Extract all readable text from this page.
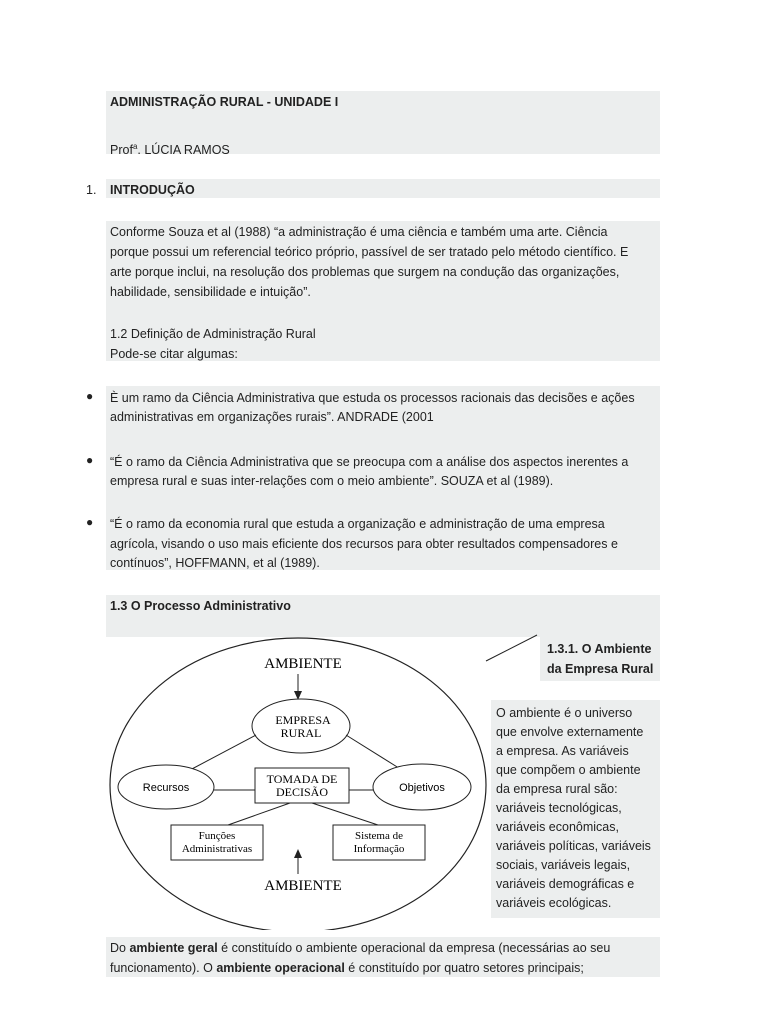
ADMINISTRAÇÃO RURAL - UNIDADE I
Prof$^a$. LÚCIA RAMOS
1. INTRODUÇÃO
Conforme Souza et al (1988) “a administração é uma ciência e também uma arte. Ciência
porque possui um referencial teórico próprio, passível de ser tratado pelo método científico. E
arte porque inclui, na resolução dos problemas que surgem na condução das organizações,
habilidade, sensibilidade e intuição”.
1.2 Definição de Administração Rural
Pode-se citar algumas:
● È um ramo da Ciência Administrativa que estuda os processos racionais das decisões e ações
administrativas em organizações rurais”. ANDRADE (2001
● “É o ramo da Ciência Administrativa que se preocupa com a análise dos aspectos inerentes a
empresa rural e suas inter-relações com o meio ambiente”. SOUZA et al (1989).
● “É o ramo da economia rural que estuda a organização e administração de uma empresa
agrícola, visando o uso mais eficiente dos recursos para obter resultados compensadores e
contínuos”, HOFFMANN, et al (1989).
1.3 O Processo Administrativo
1.3.1. O Ambiente
da Empresa Rural
O ambiente é o universo
que envolve externamente
a empresa. As variáveis
que compõem o ambiente
da empresa rural são:
variáveis tecnológicas,
variáveis econômicas,
variáveis políticas, variáveis
sociais, variáveis legais,
variáveis demográficas e
variáveis ecológicas.
AMBIENTE
EMPRESA
RURAL
Recursos	Objetivos
TOMADA DE
DECISÃO
Funções
Administrativas
Sistema de
Informação
AMBIENTE
Do ambiente geral é constituído o ambiente operacional da empresa (necessárias ao seu
funcionamento). O ambiente operacional é constituído por quatro setores principais;
